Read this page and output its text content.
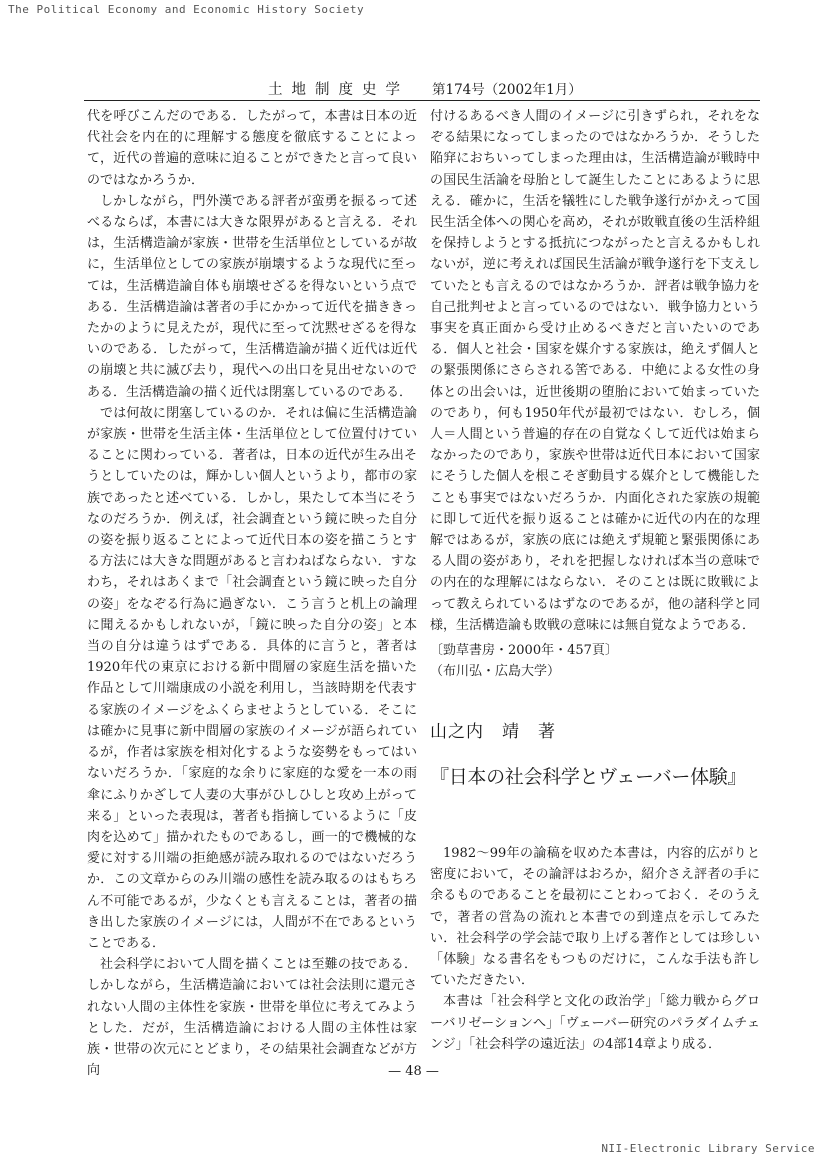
The Political Economy and Economic History Society
土地制度史学 第174号（2002年1月）

代を呼びこんだのである．したがって，本書は日本の近代社会を内在的に理解する態度を徹底することによって，近代の普遍的意味に迫ることができたと言って良いのではなかろうか．

しかしながら，門外漢である評者が蛮勇を振るって述べるならば，本書には大きな限界があると言える．それは，生活構造論が家族・世帯を生活単位としているが故に，生活単位としての家族が崩壊するような現代に至っては，生活構造論自体も崩壊せざるを得ないという点である．生活構造論は著者の手にかかって近代を描ききったかのように見えたが，現代に至って沈黙せざるを得ないのである．したがって，生活構造論が描く近代は近代の崩壊と共に滅び去り，現代への出口を見出せないのである．生活構造論の描く近代は閉塞しているのである．

では何故に閉塞しているのか．それは偏に生活構造論が家族・世帯を生活主体・生活単位として位置付けていることに関わっている．著者は，日本の近代が生み出そうとしていたのは，輝かしい個人というより，都市の家族であったと述べている．しかし，果たして本当にそうなのだろうか．例えば，社会調査という鏡に映った自分の姿を振り返ることによって近代日本の姿を描こうとする方法には大きな問題があると言わねばならない．すなわち，それはあくまで「社会調査という鏡に映った自分の姿」をなぞる行為に過ぎない．こう言うと机上の論理に聞えるかもしれないが，「鏡に映った自分の姿」と本当の自分は違うはずである．具体的に言うと，著者は1920年代の東京における新中間層の家庭生活を描いた作品として川端康成の小説を利用し，当該時期を代表する家族のイメージをふくらませようとしている．そこには確かに見事に新中間層の家族のイメージが語られているが，作者は家族を相対化するような姿勢をもってはいないだろうか．「家庭的な余りに家庭的な愛を一本の雨傘にふりかざして人妻の大事がひしひしと攻め上がって来る」といった表現は，著者も指摘しているように「皮肉を込めて」描かれたものであるし，画一的で機械的な愛に対する川端の拒絶感が読み取れるのではないだろうか．この文章からのみ川端の感性を読み取るのはもちろん不可能であるが，少なくとも言えることは，著者の描き出した家族のイメージには，人間が不在であるということである．

社会科学において人間を描くことは至難の技である．しかしながら，生活構造論においては社会法則に還元されない人間の主体性を家族・世帯を単位に考えてみようとした．だが，生活構造論における人間の主体性は家族・世帯の次元にとどまり，その結果社会調査などが方向

付けるあるべき人間のイメージに引きずられ，それをなぞる結果になってしまったのではなかろうか．そうした陥穽におちいってしまった理由は，生活構造論が戦時中の国民生活論を母胎として誕生したことにあるように思える．確かに，生活を犠牲にした戦争遂行がかえって国民生活全体への関心を高め，それが敗戦直後の生活枠組を保持しようとする抵抗につながったと言えるかもしれないが，逆に考えれば国民生活論が戦争遂行を下支えしていたとも言えるのではなかろうか．評者は戦争協力を自己批判せよと言っているのではない．戦争協力という事実を真正面から受け止めるべきだと言いたいのである．個人と社会・国家を媒介する家族は，絶えず個人との緊張関係にさらされる筈である．中絶による女性の身体との出会いは，近世後期の堕胎において始まっていたのであり，何も1950年代が最初ではない．むしろ，個人＝人間という普遍的存在の自覚なくして近代は始まらなかったのであり，家族や世帯は近代日本において国家にそうした個人を根こそぎ動員する媒介として機能したことも事実ではないだろうか．内面化された家族の規範に即して近代を振り返ることは確かに近代の内在的な理解ではあるが，家族の底には絶えず規範と緊張関係にある人間の姿があり，それを把握しなければ本当の意味での内在的な理解にはならない．そのことは既に敗戦によって教えられているはずなのであるが，他の諸科学と同様，生活構造論も敗戦の意味には無自覚なようである．

〔勁草書房・2000年・457頁〕

（布川弘・広島大学）

山之内　靖　著
『日本の社会科学とヴェーバー体験』

1982～99年の論稿を収めた本書は，内容的広がりと密度において，その論評はおろか，紹介さえ評者の手に余るものであることを最初にことわっておく．そのうえで，著者の営為の流れと本書での到達点を示してみたい．社会科学の学会誌で取り上げる著作としては珍しい「体験」なる書名をもつものだけに，こんな手法も許していただきたい．

本書は「社会科学と文化の政治学」「総力戦からグローバリゼーションへ」「ヴェーバー研究のパラダイムチェンジ」「社会科学の遠近法」の4部14章より成る．

— 48 —
NII-Electronic Library Service
